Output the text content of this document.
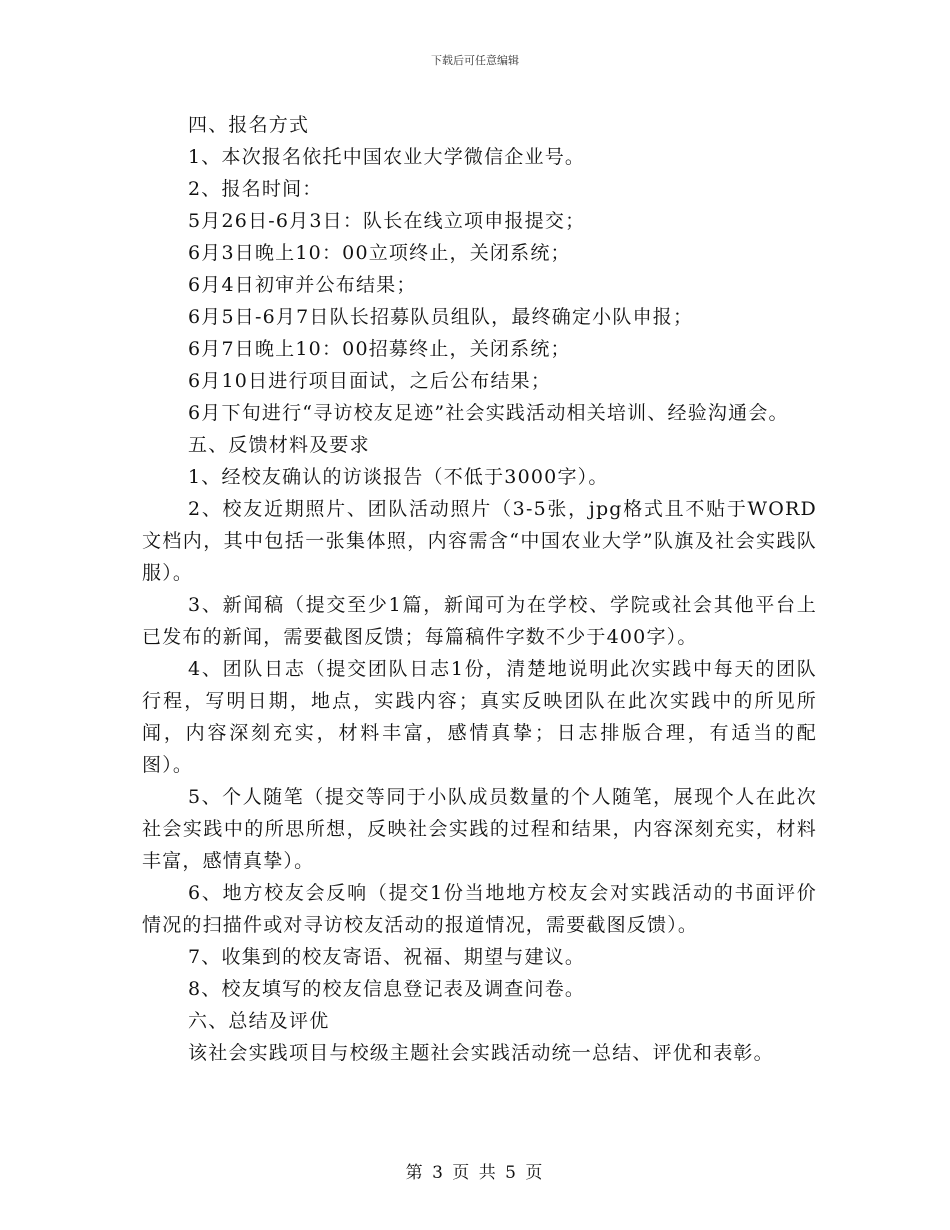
下载后可任意编辑

四、报名方式

1、本次报名依托中国农业大学微信企业号。

2、报名时间：

5月26日-6月3日：队长在线立项申报提交；

6月3日晚上10：00立项终止，关闭系统；

6月4日初审并公布结果；

6月5日-6月7日队长招募队员组队，最终确定小队申报；

6月7日晚上10：00招募终止，关闭系统；

6月10日进行项目面试，之后公布结果；

6月下旬进行“寻访校友足迹”社会实践活动相关培训、经验沟通会。

五、反馈材料及要求

1、经校友确认的访谈报告（不低于3000字）。

2、校友近期照片、团队活动照片（3-5张，jpg格式且不贴于WORD文档内，其中包括一张集体照，内容需含“中国农业大学”队旗及社会实践队服）。

3、新闻稿（提交至少1篇，新闻可为在学校、学院或社会其他平台上已发布的新闻，需要截图反馈；每篇稿件字数不少于400字）。

4、团队日志（提交团队日志1份，清楚地说明此次实践中每天的团队行程，写明日期，地点，实践内容；真实反映团队在此次实践中的所见所闻，内容深刻充实，材料丰富，感情真挚；日志排版合理，有适当的配图）。

5、个人随笔（提交等同于小队成员数量的个人随笔，展现个人在此次社会实践中的所思所想，反映社会实践的过程和结果，内容深刻充实，材料丰富，感情真挚）。

6、地方校友会反响（提交1份当地地方校友会对实践活动的书面评价情况的扫描件或对寻访校友活动的报道情况，需要截图反馈）。

7、收集到的校友寄语、祝福、期望与建议。

8、校友填写的校友信息登记表及调查问卷。

六、总结及评优

该社会实践项目与校级主题社会实践活动统一总结、评优和表彰。

第 3 页 共 5 页
